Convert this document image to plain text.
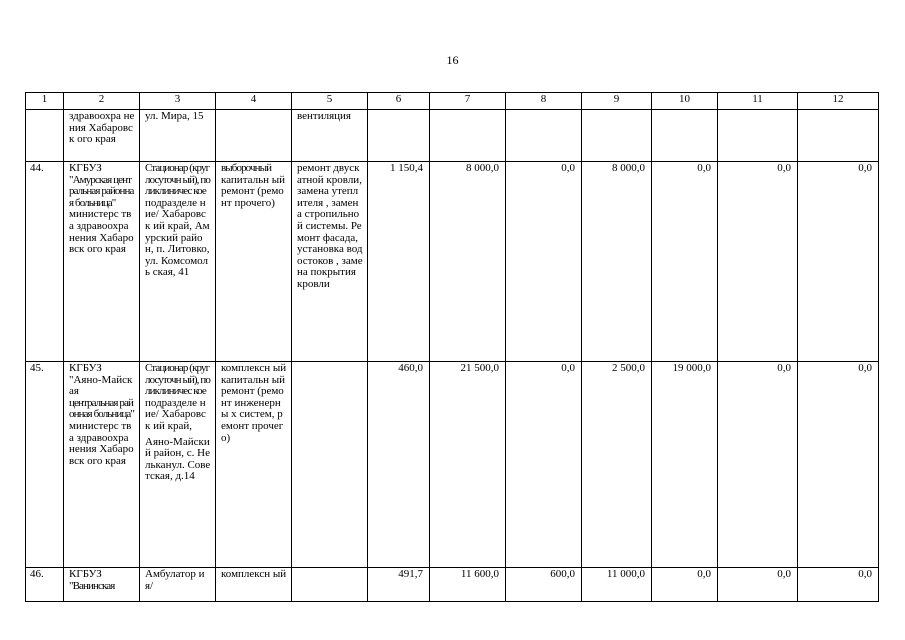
16
1	2	3	4	5	6	7	8	9	10	11	12
	здравоохра нения Хабаровск ого края	ул. Мира, 15		вентиляция							
44.	КГБУЗ
"Амурская центральная районная больница"
министерс тва здравоохра нения Хабаровск ого края	Стационар (круглосуточн ый), поликлиничес кое
подразделе ние/ Хабаровск ий край, Амурский район, п. Литовко, ул. Комсомоль ская, 41	выборочный
капитальн ый ремонт (ремонт прочего)	ремонт двускатной кровли, замена утеплителя , замена стропильно й системы. Ремонт фасада, установка водостоков , замена покрытия кровли	1 150,4	8 000,0	0,0	8 000,0	0,0	0,0	0,0
45.	КГБУЗ
"Аяно-Майская
центральная районная больница"
министерс тва здравоохра нения Хабаровск ого края	Стационар (круглосуточн ый), поликлиничес кое
подразделе ние/ Хабаровск ий край,
Аяно-Майский район, с. Нельканул. Советская, д.14	комплексн ый капитальн ый ремонт (ремонт инженерны х систем, ремонт прочего)		460,0	21 500,0	0,0	2 500,0	19 000,0	0,0	0,0
46.	КГБУЗ
"Ванинская	Амбулатор ия/	комплексн ый		491,7	11 600,0	600,0	11 000,0	0,0	0,0	0,0
